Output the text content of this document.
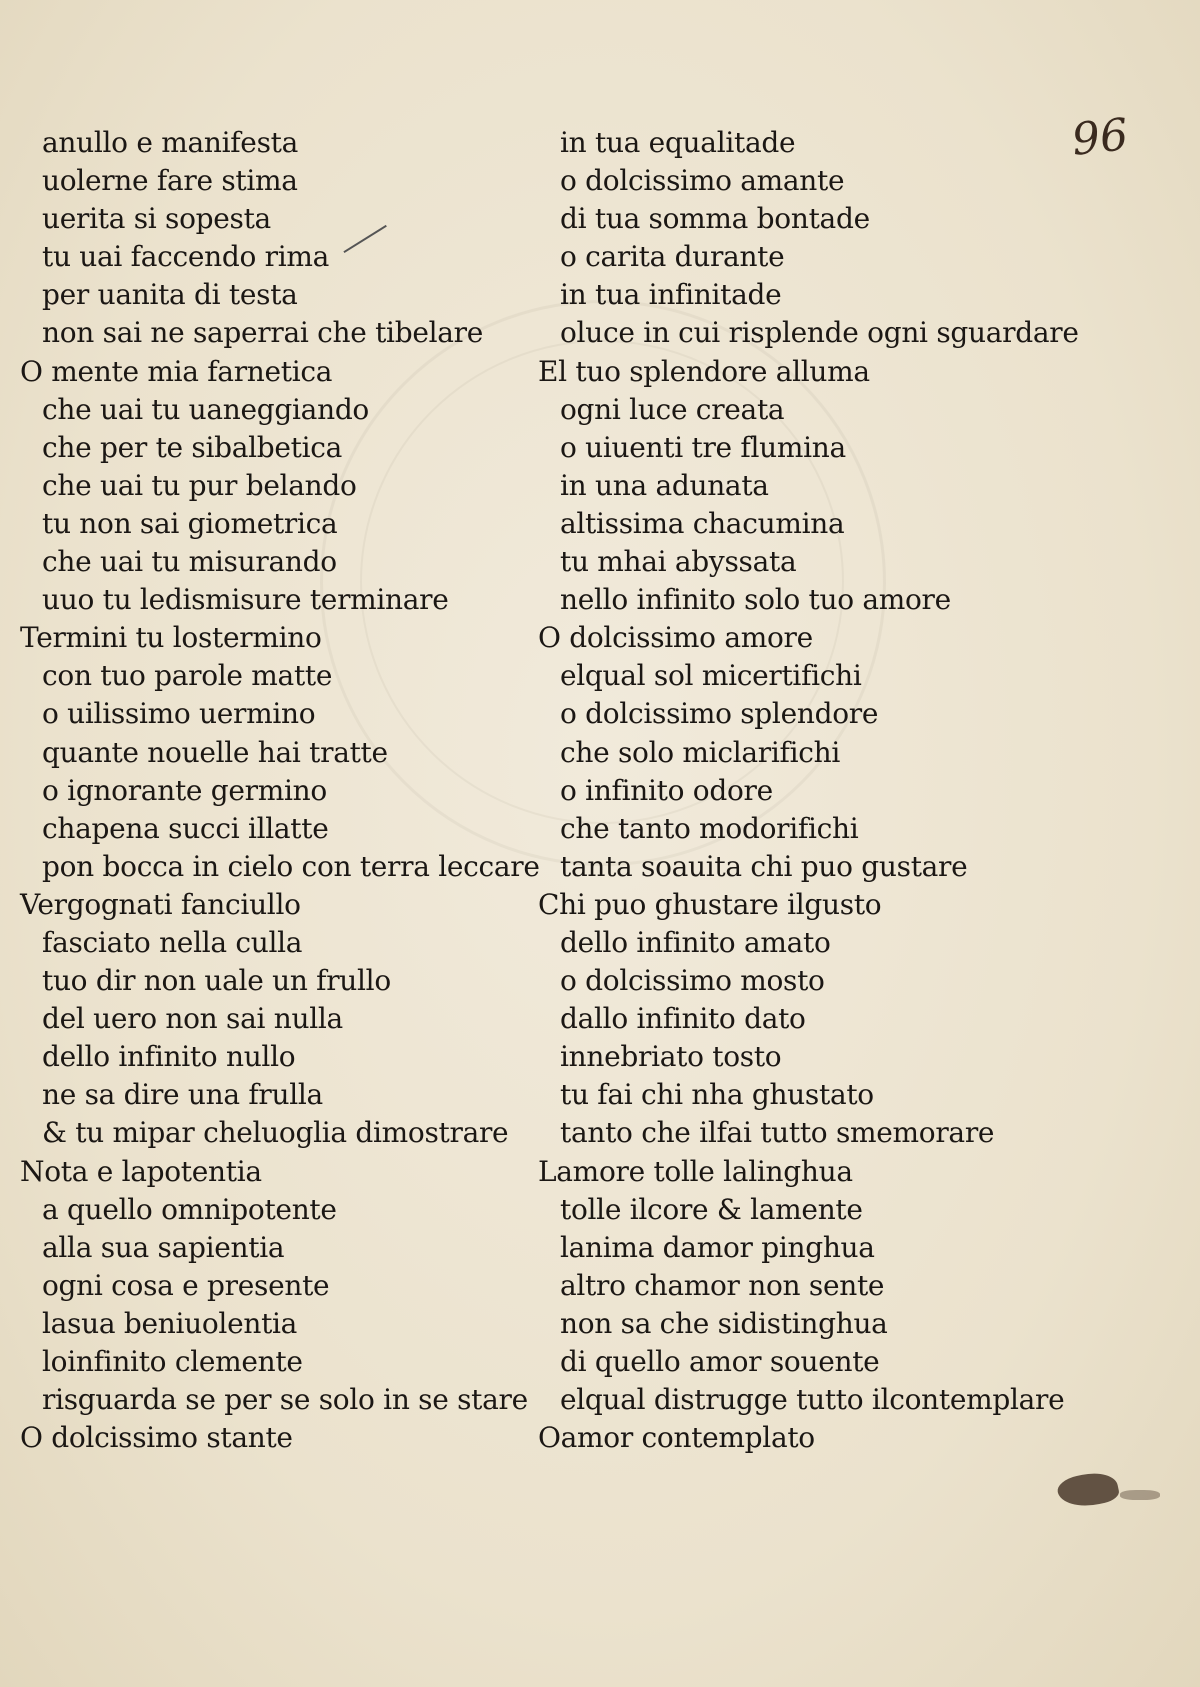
96
anullo e manifesta
uolerne fare stima
uerita si sopesta
tu uai faccendo rima
per uanita di testa
non sai ne saperrai che tibelare
O mente mia farnetica
che uai tu uaneggiando
che per te sibalbetica
che uai tu pur belando
tu non sai giometrica
che uai tu misurando
uuo tu ledismisure terminare
Termini tu lostermino
con tuo parole matte
o uilissimo uermino
quante nouelle hai tratte
o ignorante germino
chapena succi illatte
pon bocca in cielo con terra leccare
Vergognati fanciullo
fasciato nella culla
tuo dir non uale un frullo
del uero non sai nulla
dello infinito nullo
ne sa dire una frulla
& tu mipar cheluoglia dimostrare
Nota e lapotentia
a quello omnipotente
alla sua sapientia
ogni cosa e presente
lasua beniuolentia
loinfinito clemente
risguarda se per se solo in se stare
O dolcissimo stante
in tua equalitade
o dolcissimo amante
di tua somma bontade
o carita durante
in tua infinitade
oluce in cui risplende ogni sguardare
El tuo splendore alluma
ogni luce creata
o uiuenti tre flumina
in una adunata
altissima chacumina
tu mhai abyssata
nello infinito solo tuo amore
O dolcissimo amore
elqual sol micertifichi
o dolcissimo splendore
che solo miclarifichi
o infinito odore
che tanto modorifichi
tanta soauita chi puo gustare
Chi puo ghustare ilgusto
dello infinito amato
o dolcissimo mosto
dallo infinito dato
innebriato tosto
tu fai chi nha ghustato
tanto che ilfai tutto smemorare
Lamore tolle lalinghua
tolle ilcore & lamente
lanima damor pinghua
altro chamor non sente
non sa che sidistinghua
di quello amor souente
elqual distrugge tutto ilcontemplare
Oamor contemplato
